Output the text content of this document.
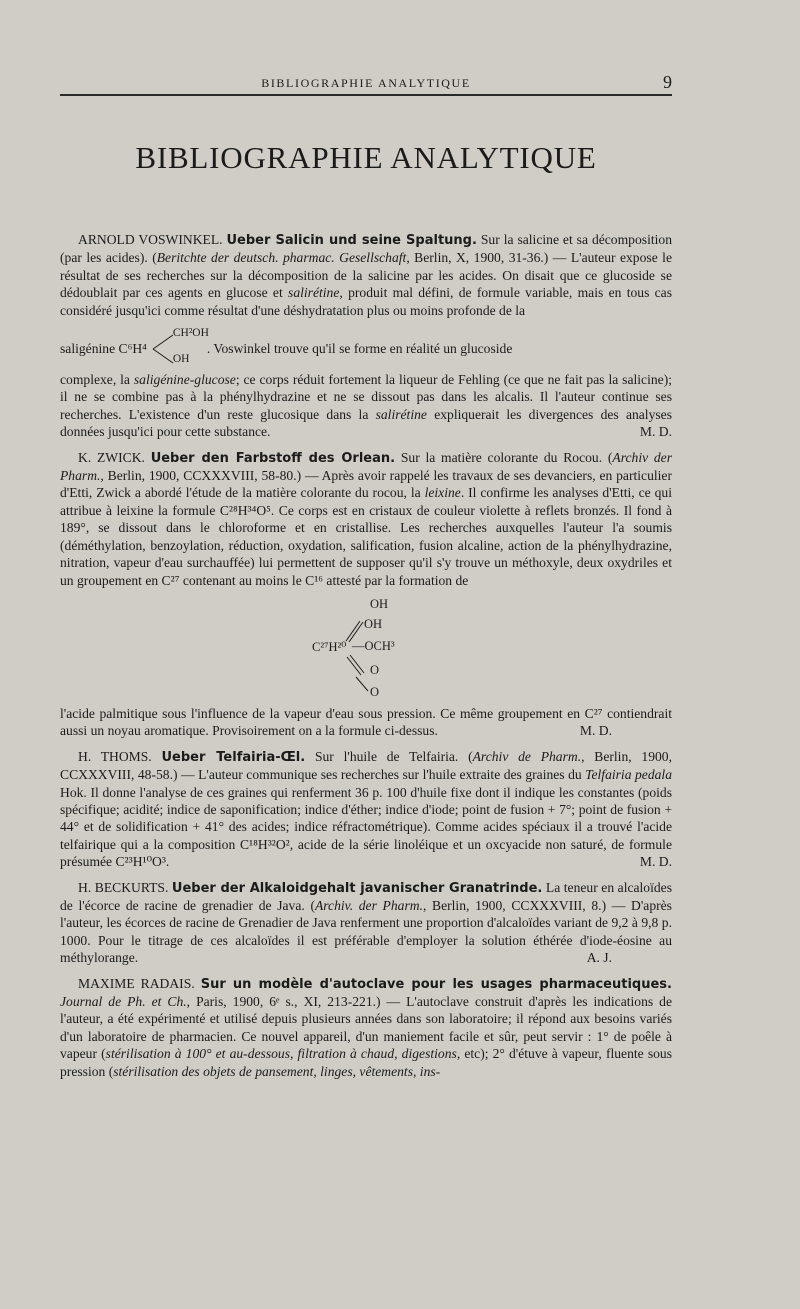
BIBLIOGRAPHIE ANALYTIQUE	9
BIBLIOGRAPHIE ANALYTIQUE

ARNOLD VOSWINKEL. Ueber Salicin und seine Spaltung. Sur la salicine et sa décomposition (par les acides). (Beritchte der deutsch. pharmac. Gesellschaft, Berlin, X, 1900, 31-36.) — L'auteur expose le résultat de ses recherches sur la décomposition de la salicine par les acides. On disait que ce glucoside se dédoublait par ces agents en glucose et salirétine, produit mal défini, de formule variable, mais en tous cas considéré jusqu'ici comme résultat d'une déshydratation plus ou moins profonde de la

saligénine C⁶H⁴
CH²OH
OH
. Voswinkel trouve qu'il se forme en réalité un glucoside

complexe, la saligénine-glucose; ce corps réduit fortement la liqueur de Fehling (ce que ne fait pas la salicine); il ne se combine pas à la phénylhydrazine et ne se dissout pas dans les alcalis. Il l'auteur continue ses recherches. L'existence d'un reste glucosique dans la salirétine expliquerait les divergences des analyses données jusqu'ici pour cette substance.	M. D.

K. ZWICK. Ueber den Farbstoff des Orlean. Sur la matière colorante du Rocou. (Archiv der Pharm., Berlin, 1900, CCXXXVIII, 58-80.) — Après avoir rappelé les travaux de ses devanciers, en particulier d'Etti, Zwick a abordé l'étude de la matière colorante du rocou, la leixine. Il confirme les analyses d'Etti, ce qui attribue à leixine la formule C²⁸H³⁴O⁵. Ce corps est en cristaux de couleur violette à reflets bronzés. Il fond à 189°, se dissout dans le chloroforme et en cristallise. Les recherches auxquelles l'auteur l'a soumis (déméthylation, benzoylation, réduction, oxydation, salification, fusion alcaline, action de la phénylhydrazine, nitration, vapeur d'eau surchauffée) lui permettent de supposer qu'il s'y trouve un méthoxyle, deux oxydriles et un groupement en C²⁷ contenant au moins le C¹⁶ attesté par la formation de

OH
OH
C²⁷H²⁰ —OCH³
O
O

l'acide palmitique sous l'influence de la vapeur d'eau sous pression. Ce même groupement en C²⁷ contiendrait aussi un noyau aromatique. Provisoirement on a la formule ci-dessus.	M. D.

H. THOMS. Ueber Telfairia-Œl. Sur l'huile de Telfairia. (Archiv de Pharm., Berlin, 1900, CCXXXVIII, 48-58.) — L'auteur communique ses recherches sur l'huile extraite des graines du Telfairia pedala Hok. Il donne l'analyse de ces graines qui renferment 36 p. 100 d'huile fixe dont il indique les constantes (poids spécifique; acidité; indice de saponification; indice d'éther; indice d'iode; point de fusion + 7°; point de fusion + 44° et de solidification + 41° des acides; indice réfractométrique). Comme acides spéciaux il a trouvé l'acide telfairique qui a la composition C¹⁸H³²O², acide de la série linoléique et un oxcyacide non saturé, de formule présumée C²³H¹⁰O³.	M. D.

H. BECKURTS. Ueber der Alkaloidgehalt javanischer Granatrinde. La teneur en alcaloïdes de l'écorce de racine de grenadier de Java. (Archiv. der Pharm., Berlin, 1900, CCXXXVIII, 8.) — D'après l'auteur, les écorces de racine de Grenadier de Java renferment une proportion d'alcaloïdes variant de 9,2 à 9,8 p. 1000. Pour le titrage de ces alcaloïdes il est préférable d'employer la solution éthérée d'iode-éosine au méthylorange.	A. J.

MAXIME RADAIS. Sur un modèle d'autoclave pour les usages pharmaceutiques. Journal de Ph. et Ch., Paris, 1900, 6ᵉ s., XI, 213-221.) — L'autoclave construit d'après les indications de l'auteur, a été expérimenté et utilisé depuis plusieurs années dans son laboratoire; il répond aux besoins variés d'un laboratoire de pharmacien. Ce nouvel appareil, d'un maniement facile et sûr, peut servir : 1° de poêle à vapeur (stérilisation à 100° et au-dessous, filtration à chaud, digestions, etc); 2° d'étuve à vapeur, fluente sous pression (stérilisation des objets de pansement, linges, vêtements, ins-
